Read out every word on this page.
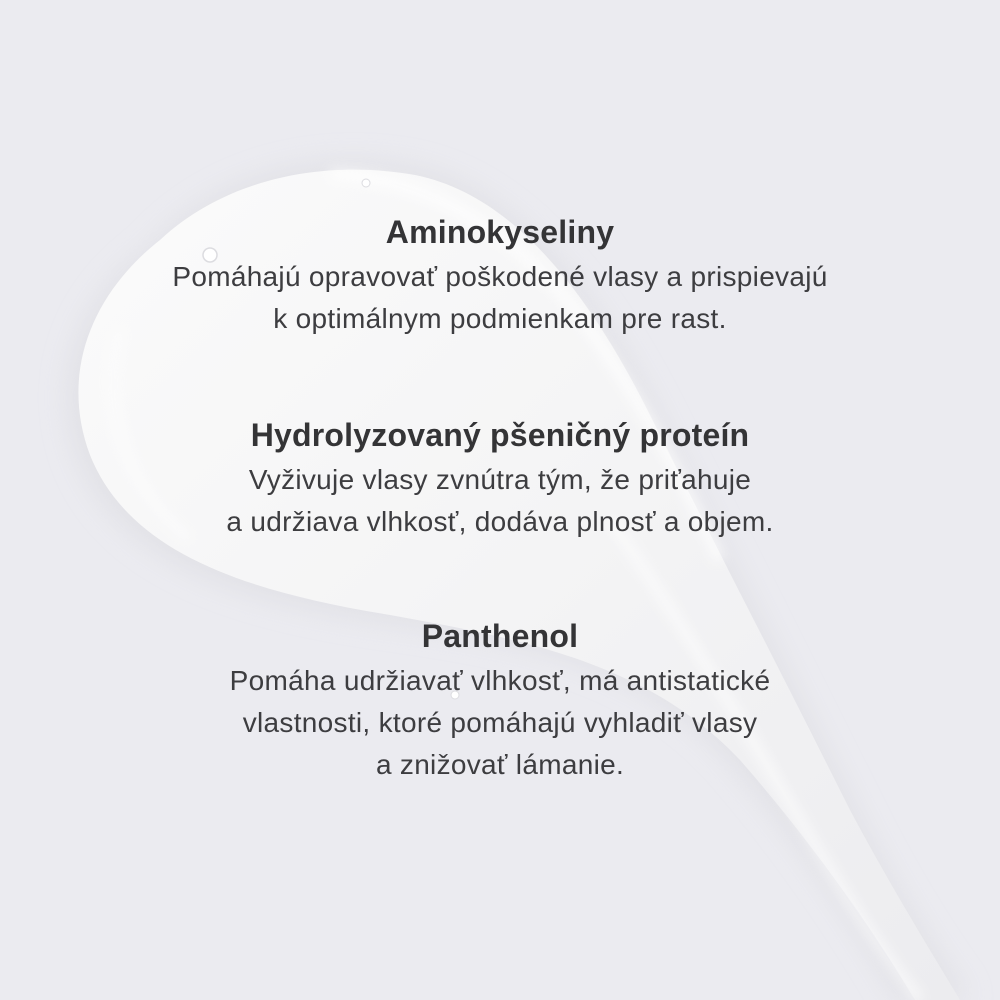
Aminokyseliny

Pomáhajú opravovať poškodené vlasy a prispievajú
k optimálnym podmienkam pre rast.

Hydrolyzovaný pšeničný proteín

Vyživuje vlasy zvnútra tým, že priťahuje
a udržiava vlhkosť, dodáva plnosť a objem.

Panthenol

Pomáha udržiavať vlhkosť, má antistatické
vlastnosti, ktoré pomáhajú vyhladiť vlasy
a znižovať lámanie.
